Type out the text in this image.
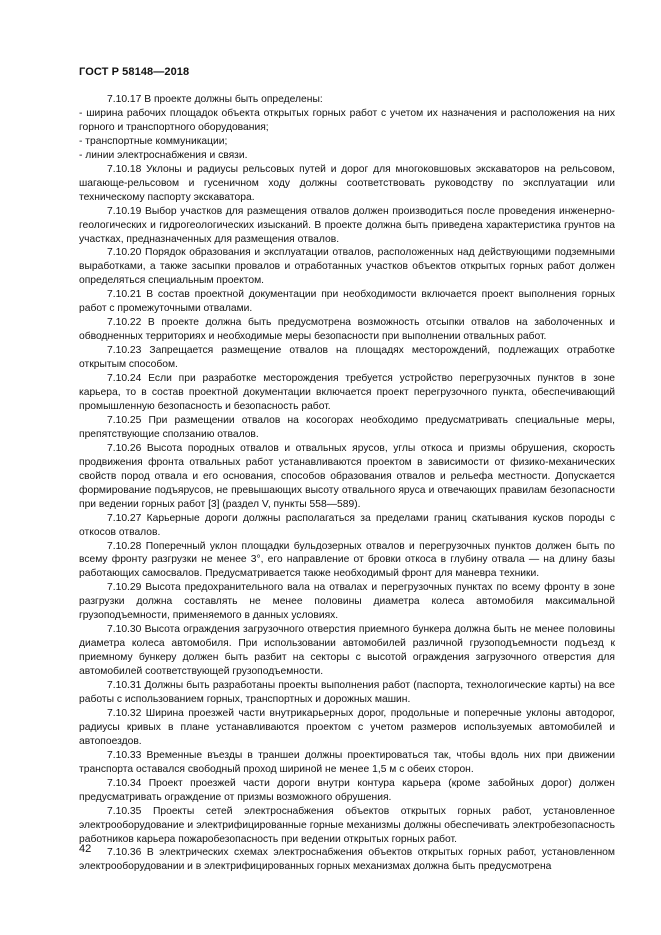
ГОСТ Р 58148—2018

7.10.17 В проекте должны быть определены:

- ширина рабочих площадок объекта открытых горных работ с учетом их назначения и расположения на них горного и транспортного оборудования;

- транспортные коммуникации;

- линии электроснабжения и связи.

7.10.18 Уклоны и радиусы рельсовых путей и дорог для многоковшовых экскаваторов на рельсовом, шагающе-рельсовом и гусеничном ходу должны соответствовать руководству по эксплуатации или техническому паспорту экскаватора.

7.10.19 Выбор участков для размещения отвалов должен производиться после проведения инженерно-геологических и гидрогеологических изысканий. В проекте должна быть приведена характеристика грунтов на участках, предназначенных для размещения отвалов.

7.10.20 Порядок образования и эксплуатации отвалов, расположенных над действующими подземными выработками, а также засыпки провалов и отработанных участков объектов открытых горных работ должен определяться специальным проектом.

7.10.21 В состав проектной документации при необходимости включается проект выполнения горных работ с промежуточными отвалами.

7.10.22 В проекте должна быть предусмотрена возможность отсыпки отвалов на заболоченных и обводненных территориях и необходимые меры безопасности при выполнении отвальных работ.

7.10.23 Запрещается размещение отвалов на площадях месторождений, подлежащих отработке открытым способом.

7.10.24 Если при разработке месторождения требуется устройство перегрузочных пунктов в зоне карьера, то в состав проектной документации включается проект перегрузочного пункта, обеспечивающий промышленную безопасность и безопасность работ.

7.10.25 При размещении отвалов на косогорах необходимо предусматривать специальные меры, препятствующие сползанию отвалов.

7.10.26 Высота породных отвалов и отвальных ярусов, углы откоса и призмы обрушения, скорость продвижения фронта отвальных работ устанавливаются проектом в зависимости от физико-механических свойств пород отвала и его основания, способов образования отвалов и рельефа местности. Допускается формирование подъярусов, не превышающих высоту отвального яруса и отвечающих правилам безопасности при ведении горных работ [3] (раздел V, пункты 558—589).

7.10.27 Карьерные дороги должны располагаться за пределами границ скатывания кусков породы с откосов отвалов.

7.10.28 Поперечный уклон площадки бульдозерных отвалов и перегрузочных пунктов должен быть по всему фронту разгрузки не менее 3°, его направление от бровки откоса в глубину отвала — на длину базы работающих самосвалов. Предусматривается также необходимый фронт для маневра техники.

7.10.29 Высота предохранительного вала на отвалах и перегрузочных пунктах по всему фронту в зоне разгрузки должна составлять не менее половины диаметра колеса автомобиля максимальной грузоподъемности, применяемого в данных условиях.

7.10.30 Высота ограждения загрузочного отверстия приемного бункера должна быть не менее половины диаметра колеса автомобиля. При использовании автомобилей различной грузоподъемности подъезд к приемному бункеру должен быть разбит на секторы с высотой ограждения загрузочного отверстия для автомобилей соответствующей грузоподъемности.

7.10.31 Должны быть разработаны проекты выполнения работ (паспорта, технологические карты) на все работы с использованием горных, транспортных и дорожных машин.

7.10.32 Ширина проезжей части внутрикарьерных дорог, продольные и поперечные уклоны автодорог, радиусы кривых в плане устанавливаются проектом с учетом размеров используемых автомобилей и автопоездов.

7.10.33 Временные въезды в траншеи должны проектироваться так, чтобы вдоль них при движении транспорта оставался свободный проход шириной не менее 1,5 м с обеих сторон.

7.10.34 Проект проезжей части дороги внутри контура карьера (кроме забойных дорог) должен предусматривать ограждение от призмы возможного обрушения.

7.10.35 Проекты сетей электроснабжения объектов открытых горных работ, установленное электрооборудование и электрифицированные горные механизмы должны обеспечивать электробезопасность работников карьера пожаробезопасность при ведении открытых горных работ.

7.10.36 В электрических схемах электроснабжения объектов открытых горных работ, установленном электрооборудовании и в электрифицированных горных механизмах должна быть предусмотрена

42
